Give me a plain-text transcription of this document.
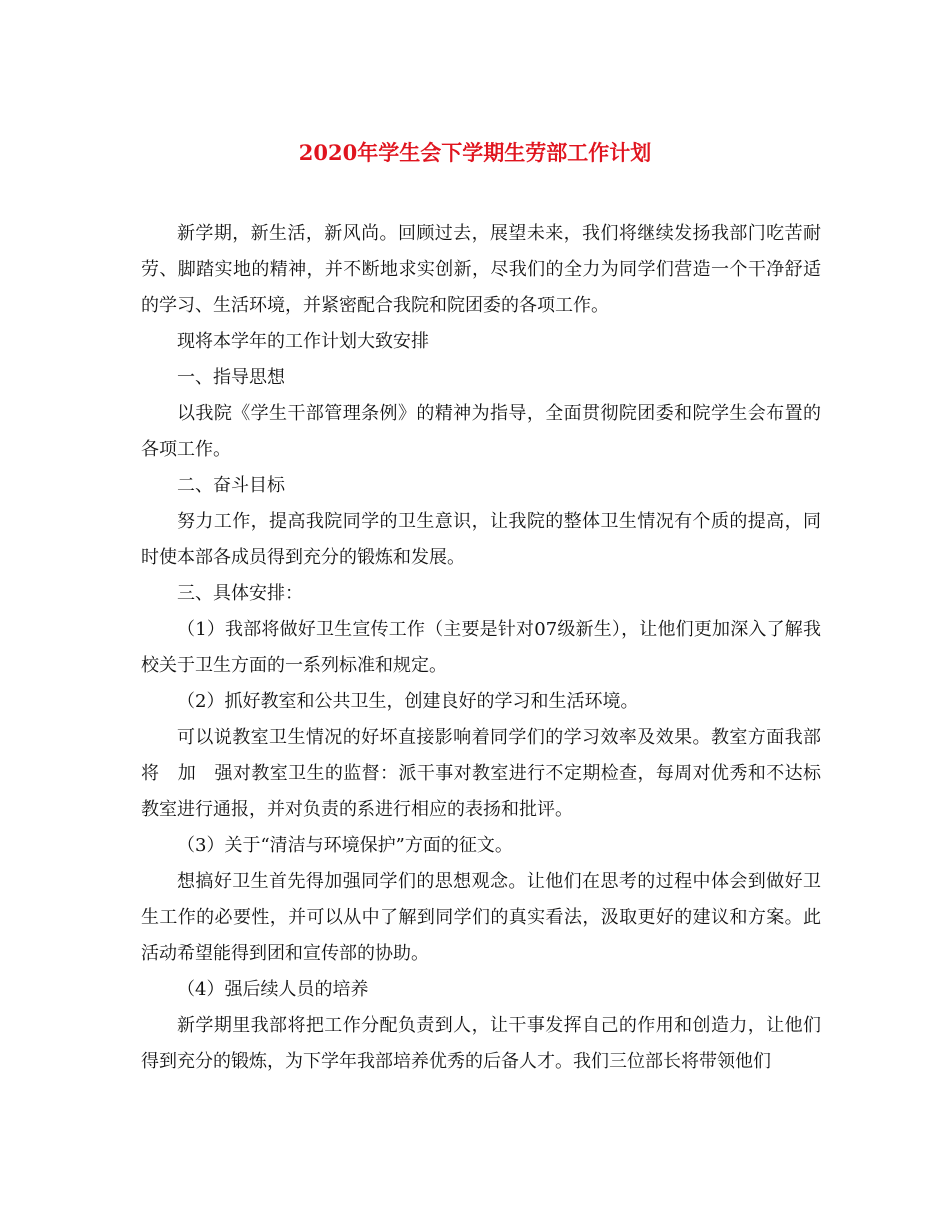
2020年学生会下学期生劳部工作计划

新学期，新生活，新风尚。回顾过去，展望未来，我们将继续发扬我部门吃苦耐劳、脚踏实地的精神，并不断地求实创新，尽我们的全力为同学们营造一个干净舒适的学习、生活环境，并紧密配合我院和院团委的各项工作。

现将本学年的工作计划大致安排

一、指导思想

以我院《学生干部管理条例》的精神为指导，全面贯彻院团委和院学生会布置的各项工作。

二、奋斗目标

努力工作，提高我院同学的卫生意识，让我院的整体卫生情况有个质的提高，同时使本部各成员得到充分的锻炼和发展。

三、具体安排：

（1）我部将做好卫生宣传工作（主要是针对07级新生），让他们更加深入了解我校关于卫生方面的一系列标准和规定。

（2）抓好教室和公共卫生，创建良好的学习和生活环境。

可以说教室卫生情况的好坏直接影响着同学们的学习效率及效果。教室方面我部　将　加　强对教室卫生的监督：派干事对教室进行不定期检查，每周对优秀和不达标教室进行通报，并对负责的系进行相应的表扬和批评。

（3）关于“清洁与环境保护”方面的征文。

想搞好卫生首先得加强同学们的思想观念。让他们在思考的过程中体会到做好卫生工作的必要性，并可以从中了解到同学们的真实看法，汲取更好的建议和方案。此活动希望能得到团和宣传部的协助。

（4）强后续人员的培养

新学期里我部将把工作分配负责到人，让干事发挥自己的作用和创造力，让他们得到充分的锻炼，为下学年我部培养优秀的后备人才。我们三位部长将带领他们
